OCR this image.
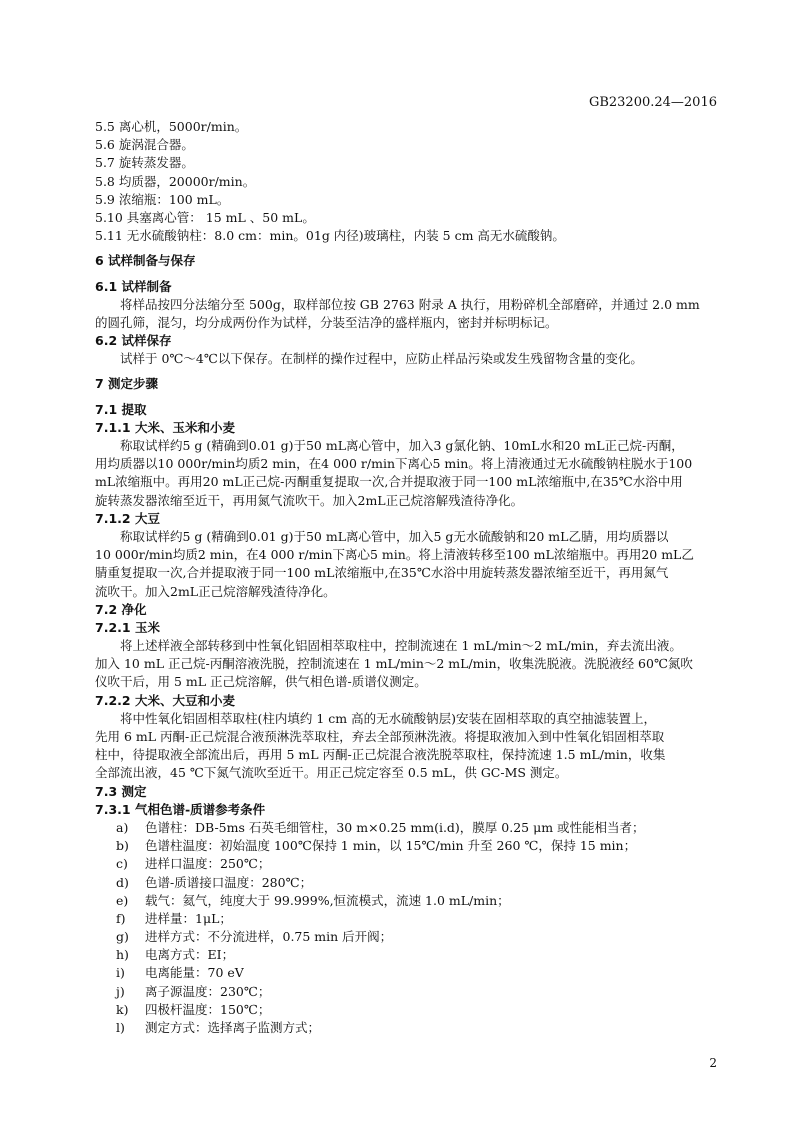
GB23200.24—2016
5.5 离心机，5000r/min。
5.6 旋涡混合器。
5.7 旋转蒸发器。
5.8 均质器，20000r/min。
5.9 浓缩瓶：100 mL。
5.10 具塞离心管： 15 mL 、50 mL。
5.11 无水硫酸钠柱：8.0 cm：min。01g 内径)玻璃柱，内装 5 cm 高无水硫酸钠。
6 试样制备与保存
6.1 试样制备
将样品按四分法缩分至 500g，取样部位按 GB 2763 附录 A 执行，用粉碎机全部磨碎，并通过 2.0 mm
的圆孔筛，混匀，均分成两份作为试样，分装至洁净的盛样瓶内，密封并标明标记。
6.2 试样保存
试样于 0℃～4℃以下保存。在制样的操作过程中，应防止样品污染或发生残留物含量的变化。
7 测定步骤
7.1 提取
7.1.1 大米、玉米和小麦
称取试样约5 g (精确到0.01 g)于50 mL离心管中，加入3 g氯化钠、10mL水和20 mL正己烷-丙酮，
用均质器以10 000r/min均质2 min，在4 000 r/min下离心5 min。将上清液通过无水硫酸钠柱脱水于100
mL浓缩瓶中。再用20 mL正己烷-丙酮重复提取一次,合并提取液于同一100 mL浓缩瓶中,在35℃水浴中用
旋转蒸发器浓缩至近干，再用氮气流吹干。加入2mL正己烷溶解残渣待净化。
7.1.2 大豆
称取试样约5 g (精确到0.01 g)于50 mL离心管中，加入5 g无水硫酸钠和20 mL乙腈，用均质器以
10 000r/min均质2 min，在4 000 r/min下离心5 min。将上清液转移至100 mL浓缩瓶中。再用20 mL乙
腈重复提取一次,合并提取液于同一100 mL浓缩瓶中,在35℃水浴中用旋转蒸发器浓缩至近干，再用氮气
流吹干。加入2mL正己烷溶解残渣待净化。
7.2 净化
7.2.1 玉米
将上述样液全部转移到中性氧化铝固相萃取柱中，控制流速在 1 mL/min～2 mL/min，弃去流出液。
加入 10 mL 正己烷-丙酮溶液洗脱，控制流速在 1 mL/min～2 mL/min，收集洗脱液。洗脱液经 60℃氮吹
仪吹干后，用 5 mL 正己烷溶解，供气相色谱-质谱仪测定。
7.2.2 大米、大豆和小麦
将中性氧化铝固相萃取柱(柱内填约 1 cm 高的无水硫酸钠层)安装在固相萃取的真空抽滤装置上，
先用 6 mL 丙酮-正己烷混合液预淋洗萃取柱，弃去全部预淋洗液。将提取液加入到中性氧化铝固相萃取
柱中，待提取液全部流出后，再用 5 mL 丙酮-正己烷混合液洗脱萃取柱，保持流速 1.5 mL/min，收集
全部流出液，45 ℃下氮气流吹至近干。用正己烷定容至 0.5 mL，供 GC-MS 测定。
7.3 测定
7.3.1 气相色谱-质谱参考条件
a)	色谱柱：DB-5ms 石英毛细管柱，30 m×0.25 mm(i.d)，膜厚 0.25 μm 或性能相当者；
b)	色谱柱温度：初始温度 100℃保持 1 min，以 15℃/min 升至 260 ℃，保持 15 min；
c)	进样口温度：250℃；
d)	色谱-质谱接口温度：280℃；
e)	载气：氦气，纯度大于 99.999%,恒流模式，流速 1.0 mL/min；
f)	进样量：1μL；
g)	进样方式：不分流进样，0.75 min 后开阀；
h)	电离方式：EI；
i)	电离能量：70 eV
j)	离子源温度：230℃；
k)	四极杆温度：150℃；
l)	测定方式：选择离子监测方式；
2
